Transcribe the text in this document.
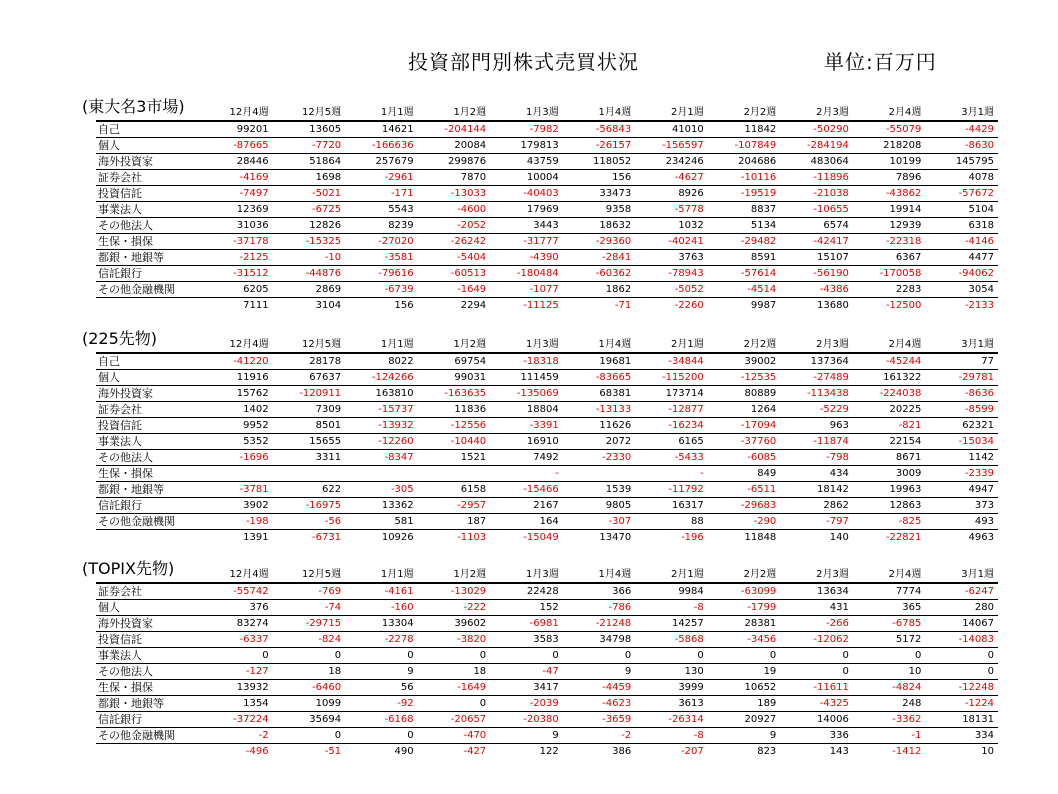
投資部門別株式売買状況	単位:百万円
(東大名3市場)
		12月4週	12月5週	1月1週	1月2週	1月3週	1月4週	2月1週	2月2週	2月3週	2月4週	3月1週
自己	99201	13605	14621	-204144	-7982	-56843	41010	11842	-50290	-55079	-4429
個人	-87665	-7720	-166636	20084	179813	-26157	-156597	-107849	-284194	218208	-8630
海外投資家	28446	51864	257679	299876	43759	118052	234246	204686	483064	10199	145795
証券会社	-4169	1698	-2961	7870	10004	156	-4627	-10116	-11896	7896	4078
投資信託	-7497	-5021	-171	-13033	-40403	33473	8926	-19519	-21038	-43862	-57672
事業法人	12369	-6725	5543	-4600	17969	9358	-5778	8837	-10655	19914	5104
その他法人	31036	12826	8239	-2052	3443	18632	1032	5134	6574	12939	6318
生保・損保	-37178	-15325	-27020	-26242	-31777	-29360	-40241	-29482	-42417	-22318	-4146
都銀・地銀等	-2125	-10	-3581	-5404	-4390	-2841	3763	8591	15107	6367	4477
信託銀行	-31512	-44876	-79616	-60513	-180484	-60362	-78943	-57614	-56190	-170058	-94062
その他金融機関	6205	2869	-6739	-1649	-1077	1862	-5052	-4514	-4386	2283	3054
	7111	3104	156	2294	-11125	-71	-2260	9987	13680	-12500	-2133
(225先物)
		12月4週	12月5週	1月1週	1月2週	1月3週	1月4週	2月1週	2月2週	2月3週	2月4週	3月1週
自己	-41220	28178	8022	69754	-18318	19681	-34844	39002	137364	-45244	77
個人	11916	67637	-124266	99031	111459	-83665	-115200	-12535	-27489	161322	-29781
海外投資家	15762	-120911	163810	-163635	-135069	68381	173714	80889	-113438	-224038	-8636
証券会社	1402	7309	-15737	11836	18804	-13133	-12877	1264	-5229	20225	-8599
投資信託	9952	8501	-13932	-12556	-3391	11626	-16234	-17094	963	-821	62321
事業法人	5352	15655	-12260	-10440	16910	2072	6165	-37760	-11874	22154	-15034
その他法人	-1696	3311	-8347	1521	7492	-2330	-5433	-6085	-798	8671	1142
生保・損保					-		-	849	434	3009	-2339
都銀・地銀等	-3781	622	-305	6158	-15466	1539	-11792	-6511	18142	19963	4947
信託銀行	3902	-16975	13362	-2957	2167	9805	16317	-29683	2862	12863	373
その他金融機関	-198	-56	581	187	164	-307	88	-290	-797	-825	493
	1391	-6731	10926	-1103	-15049	13470	-196	11848	140	-22821	4963
(TOPIX先物)
		12月4週	12月5週	1月1週	1月2週	1月3週	1月4週	2月1週	2月2週	2月3週	2月4週	3月1週
証券会社	-55742	-769	-4161	-13029	22428	366	9984	-63099	13634	7774	-6247
個人	376	-74	-160	-222	152	-786	-8	-1799	431	365	280
海外投資家	83274	-29715	13304	39602	-6981	-21248	14257	28381	-266	-6785	14067
投資信託	-6337	-824	-2278	-3820	3583	34798	-5868	-3456	-12062	5172	-14083
事業法人	0	0	0	0	0	0	0	0	0	0	0
その他法人	-127	18	9	18	-47	9	130	19	0	10	0
生保・損保	13932	-6460	56	-1649	3417	-4459	3999	10652	-11611	-4824	-12248
都銀・地銀等	1354	1099	-92	0	-2039	-4623	3613	189	-4325	248	-1224
信託銀行	-37224	35694	-6168	-20657	-20380	-3659	-26314	20927	14006	-3362	18131
その他金融機関	-2	0	0	-470	9	-2	-8	9	336	-1	334
	-496	-51	490	-427	122	386	-207	823	143	-1412	10
